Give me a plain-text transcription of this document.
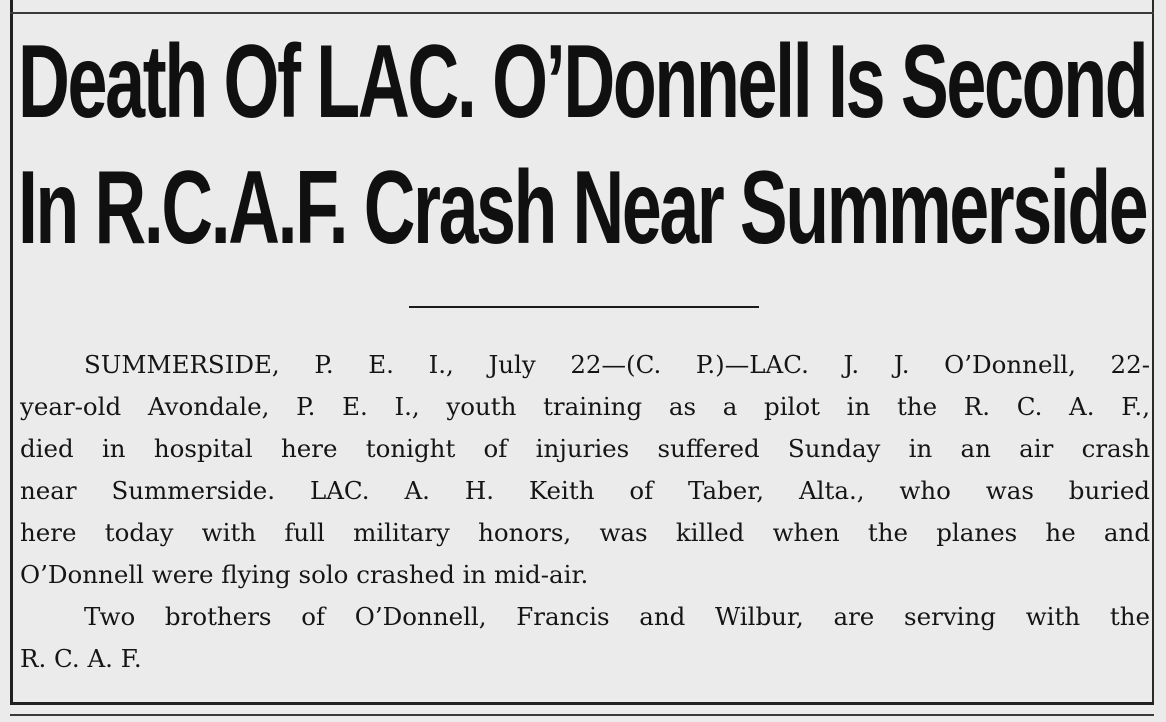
Death Of LAC. O’Donnell Is Second
In R.C.A.F. Crash Near Summerside
SUMMERSIDE, P. E. I., July 22—(C. P.)—LAC. J. J. O’Donnell, 22-
year-old Avondale, P. E. I., youth training as a pilot in the R. C. A. F.,
died in hospital here tonight of injuries suffered Sunday in an air crash
near Summerside. LAC. A. H. Keith of Taber, Alta., who was buried
here today with full military honors, was killed when the planes he and
O’Donnell were flying solo crashed in mid-air.
Two brothers of O’Donnell, Francis and Wilbur, are serving with the
R. C. A. F.
